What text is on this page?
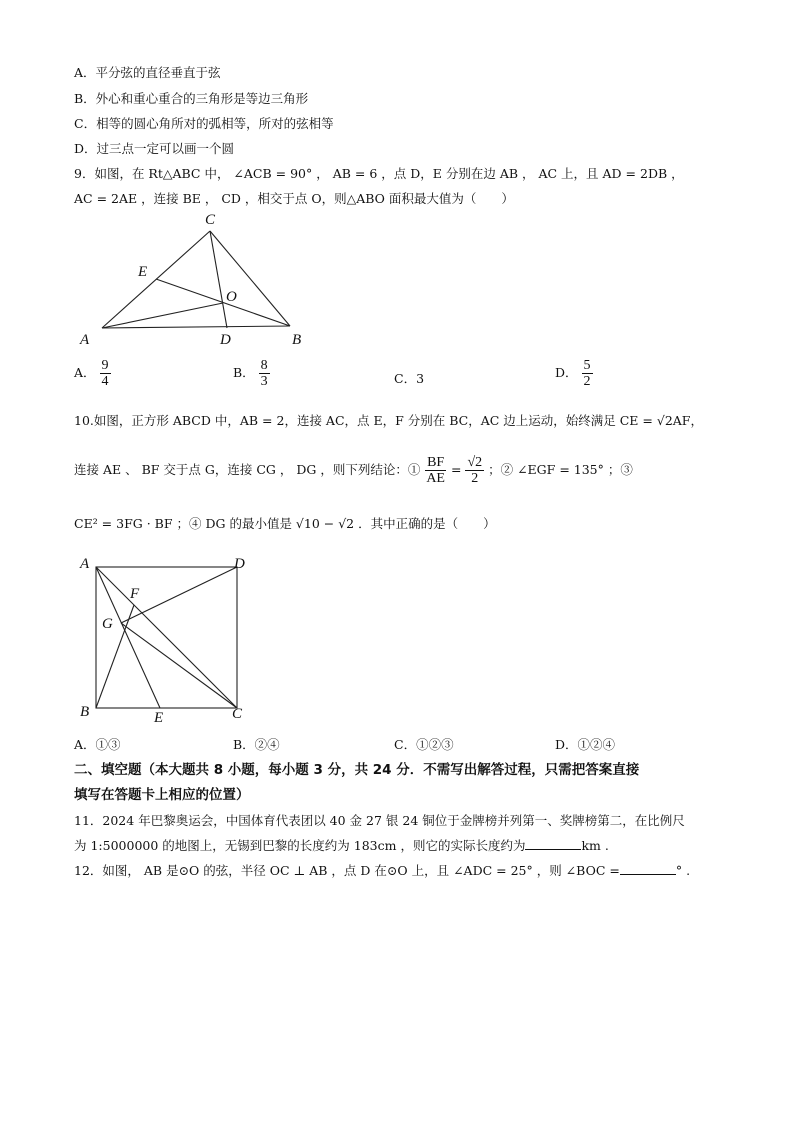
A．平分弦的直径垂直于弦
B．外心和重心重合的三角形是等边三角形
C．相等的圆心角所对的弧相等，所对的弦相等
D．过三点一定可以画一个圆
9．如图，在 Rt△ABC 中， ∠ACB = 90° ， AB = 6 ，点 D，E 分别在边 AB ， AC 上，且 AD = 2DB ，
AC = 2AE ，连接 BE ， CD ，相交于点 O，则△ABO 面积最大值为（　　）
C
E
O
A	D	B
A． $\frac{9}{4}$	B． $\frac{8}{3}$	C．3	D． $\frac{5}{2}$
10.如图，正方形 ABCD 中，AB = 2，连接 AC，点 E，F 分别在 BC，AC 边上运动，始终满足 CE = √2AF，
连接 AE 、 BF 交于点 G，连接 CG ， DG ，则下列结论：① $\frac{BF}{AE} = \frac{√2}{2}$ ；② ∠EGF = 135° ；③
CE² = 3FG · BF ；④ DG 的最小值是 √10 − √2 ．其中正确的是（　　）
A	D
F
G
B	E	C
A．①③	B．②④	C．①②③	D．①②④
二、填空题（本大题共 8 小题，每小题 3 分，共 24 分．不需写出解答过程，只需把答案直接
填写在答题卡上相应的位置）
11．2024 年巴黎奥运会，中国体育代表团以 40 金 27 银 24 铜位于金牌榜并列第一、奖牌榜第二，在比例尺
为 1:5000000 的地图上，无锡到巴黎的长度约为 183cm ，则它的实际长度约为	km .
12．如图， AB 是⊙O 的弦，半径 OC ⊥ AB ，点 D 在⊙O 上，且 ∠ADC = 25° ，则 ∠BOC =	° .
